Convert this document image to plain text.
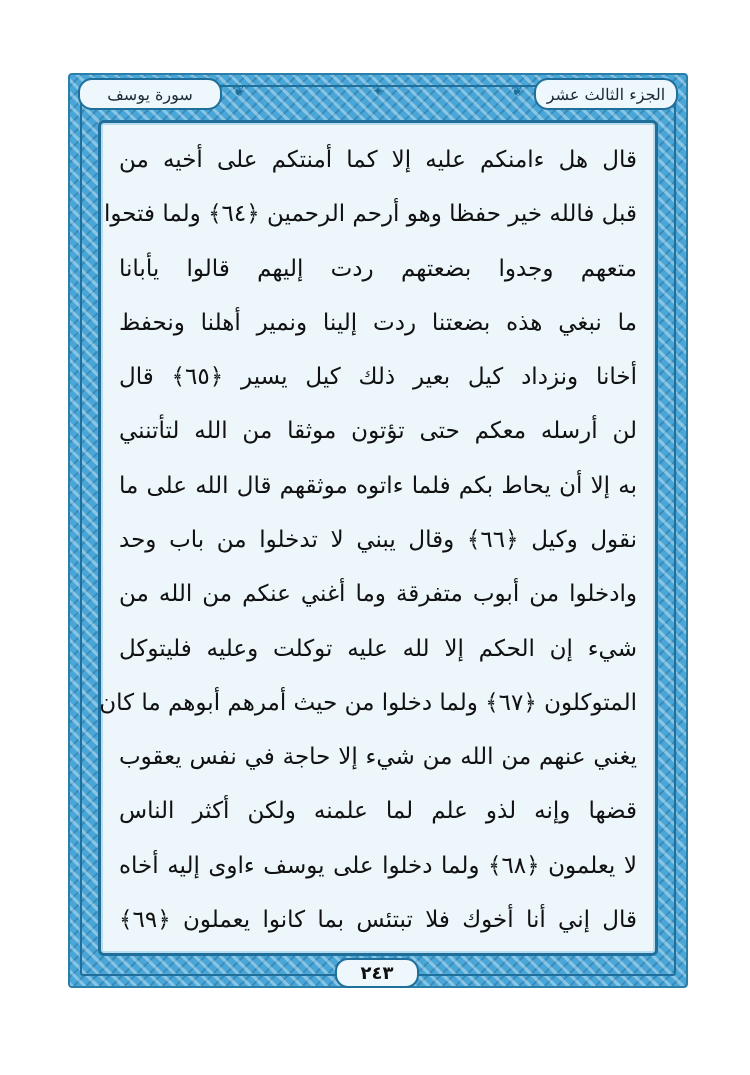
الجزء الثالث عشر
❦	✦	❦
سورة يوسف
قال هل ءامنكم عليه إلا كما أمنتكم على أخيه من
قبل فالله خير حفظا وهو أرحم الرحمين ﴿٦٤﴾ ولما فتحوا
متعهم وجدوا بضعتهم ردت إليهم قالوا يأبانا
ما نبغي هذه بضعتنا ردت إلينا ونمير أهلنا ونحفظ
أخانا ونزداد كيل بعير ذلك كيل يسير ﴿٦٥﴾ قال
لن أرسله معكم حتى تؤتون موثقا من الله لتأتنني
به إلا أن يحاط بكم فلما ءاتوه موثقهم قال الله على ما
نقول وكيل ﴿٦٦﴾ وقال يبني لا تدخلوا من باب وحد
وادخلوا من أبوب متفرقة وما أغني عنكم من الله من
شيء إن الحكم إلا لله عليه توكلت وعليه فليتوكل
المتوكلون ﴿٦٧﴾ ولما دخلوا من حيث أمرهم أبوهم ما كان
يغني عنهم من الله من شيء إلا حاجة في نفس يعقوب
قضها وإنه لذو علم لما علمنه ولكن أكثر الناس
لا يعلمون ﴿٦٨﴾ ولما دخلوا على يوسف ءاوى إليه أخاه
قال إني أنا أخوك فلا تبتئس بما كانوا يعملون ﴿٦٩﴾
٢٤٣
